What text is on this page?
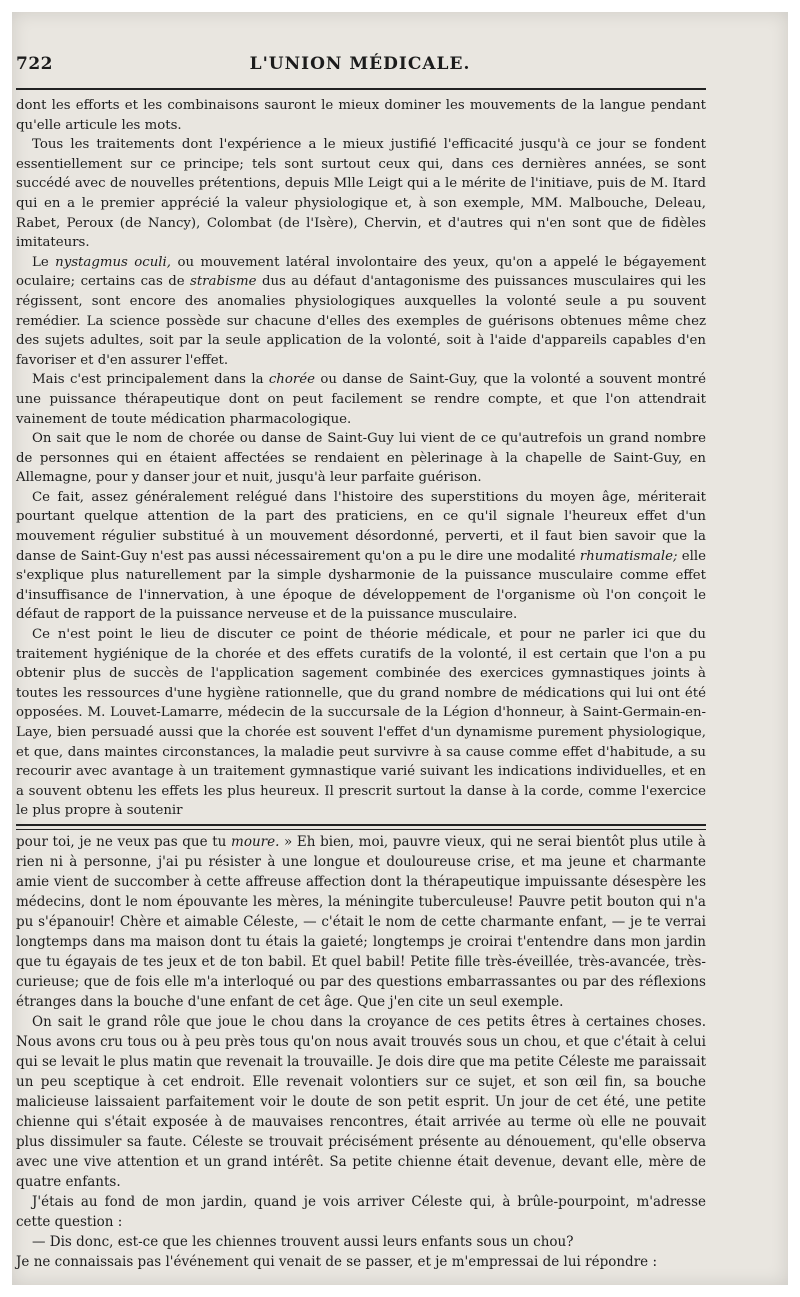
722	L'UNION MÉDICALE.

dont les efforts et les combinaisons sauront le mieux dominer les mouvements de la langue pendant qu'elle articule les mots.

Tous les traitements dont l'expérience a le mieux justifié l'efficacité jusqu'à ce jour se fondent essentiellement sur ce principe; tels sont surtout ceux qui, dans ces dernières années, se sont succédé avec de nouvelles prétentions, depuis Mlle Leigt qui a le mérite de l'initiave, puis de M. Itard qui en a le premier apprécié la valeur physiologique et, à son exemple, MM. Malbouche, Deleau, Rabet, Peroux (de Nancy), Colombat (de l'Isère), Chervin, et d'autres qui n'en sont que de fidèles imitateurs.

Le nystagmus oculi, ou mouvement latéral involontaire des yeux, qu'on a appelé le bégayement oculaire; certains cas de strabisme dus au défaut d'antagonisme des puissances musculaires qui les régissent, sont encore des anomalies physiologiques auxquelles la volonté seule a pu souvent remédier. La science possède sur chacune d'elles des exemples de guérisons obtenues même chez des sujets adultes, soit par la seule application de la volonté, soit à l'aide d'appareils capables d'en favoriser et d'en assurer l'effet.

Mais c'est principalement dans la chorée ou danse de Saint-Guy, que la volonté a souvent montré une puissance thérapeutique dont on peut facilement se rendre compte, et que l'on attendrait vainement de toute médication pharmacologique.

On sait que le nom de chorée ou danse de Saint-Guy lui vient de ce qu'autrefois un grand nombre de personnes qui en étaient affectées se rendaient en pèlerinage à la chapelle de Saint-Guy, en Allemagne, pour y danser jour et nuit, jusqu'à leur parfaite guérison.

Ce fait, assez généralement relégué dans l'histoire des superstitions du moyen âge, mériterait pourtant quelque attention de la part des praticiens, en ce qu'il signale l'heureux effet d'un mouvement régulier substitué à un mouvement désordonné, perverti, et il faut bien savoir que la danse de Saint-Guy n'est pas aussi nécessairement qu'on a pu le dire une modalité rhumatismale; elle s'explique plus naturellement par la simple dysharmonie de la puissance musculaire comme effet d'insuffisance de l'innervation, à une époque de développement de l'organisme où l'on conçoit le défaut de rapport de la puissance nerveuse et de la puissance musculaire.

Ce n'est point le lieu de discuter ce point de théorie médicale, et pour ne parler ici que du traitement hygiénique de la chorée et des effets curatifs de la volonté, il est certain que l'on a pu obtenir plus de succès de l'application sagement combinée des exercices gymnastiques joints à toutes les ressources d'une hygiène rationnelle, que du grand nombre de médications qui lui ont été opposées. M. Louvet-Lamarre, médecin de la succursale de la Légion d'honneur, à Saint-Germain-en-Laye, bien persuadé aussi que la chorée est souvent l'effet d'un dynamisme purement physiologique, et que, dans maintes circonstances, la maladie peut survivre à sa cause comme effet d'habitude, a su recourir avec avantage à un traitement gymnastique varié suivant les indications individuelles, et en a souvent obtenu les effets les plus heureux. Il prescrit surtout la danse à la corde, comme l'exercice le plus propre à soutenir

pour toi, je ne veux pas que tu moure. » Eh bien, moi, pauvre vieux, qui ne serai bientôt plus utile à rien ni à personne, j'ai pu résister à une longue et douloureuse crise, et ma jeune et charmante amie vient de succomber à cette affreuse affection dont la thérapeutique impuissante désespère les médecins, dont le nom épouvante les mères, la méningite tuberculeuse! Pauvre petit bouton qui n'a pu s'épanouir! Chère et aimable Céleste, — c'était le nom de cette charmante enfant, — je te verrai longtemps dans ma maison dont tu étais la gaieté; longtemps je croirai t'entendre dans mon jardin que tu égayais de tes jeux et de ton babil. Et quel babil! Petite fille très-éveillée, très-avancée, très-curieuse; que de fois elle m'a interloqué ou par des questions embarrassantes ou par des réflexions étranges dans la bouche d'une enfant de cet âge. Que j'en cite un seul exemple.

On sait le grand rôle que joue le chou dans la croyance de ces petits êtres à certaines choses. Nous avons cru tous ou à peu près tous qu'on nous avait trouvés sous un chou, et que c'était à celui qui se levait le plus matin que revenait la trouvaille. Je dois dire que ma petite Céleste me paraissait un peu sceptique à cet endroit. Elle revenait volontiers sur ce sujet, et son œil fin, sa bouche malicieuse laissaient parfaitement voir le doute de son petit esprit. Un jour de cet été, une petite chienne qui s'était exposée à de mauvaises rencontres, était arrivée au terme où elle ne pouvait plus dissimuler sa faute. Céleste se trouvait précisément présente au dénouement, qu'elle observa avec une vive attention et un grand intérêt. Sa petite chienne était devenue, devant elle, mère de quatre enfants.

J'étais au fond de mon jardin, quand je vois arriver Céleste qui, à brûle-pourpoint, m'adresse cette question :

— Dis donc, est-ce que les chiennes trouvent aussi leurs enfants sous un chou?

Je ne connaissais pas l'événement qui venait de se passer, et je m'empressai de lui répondre :
